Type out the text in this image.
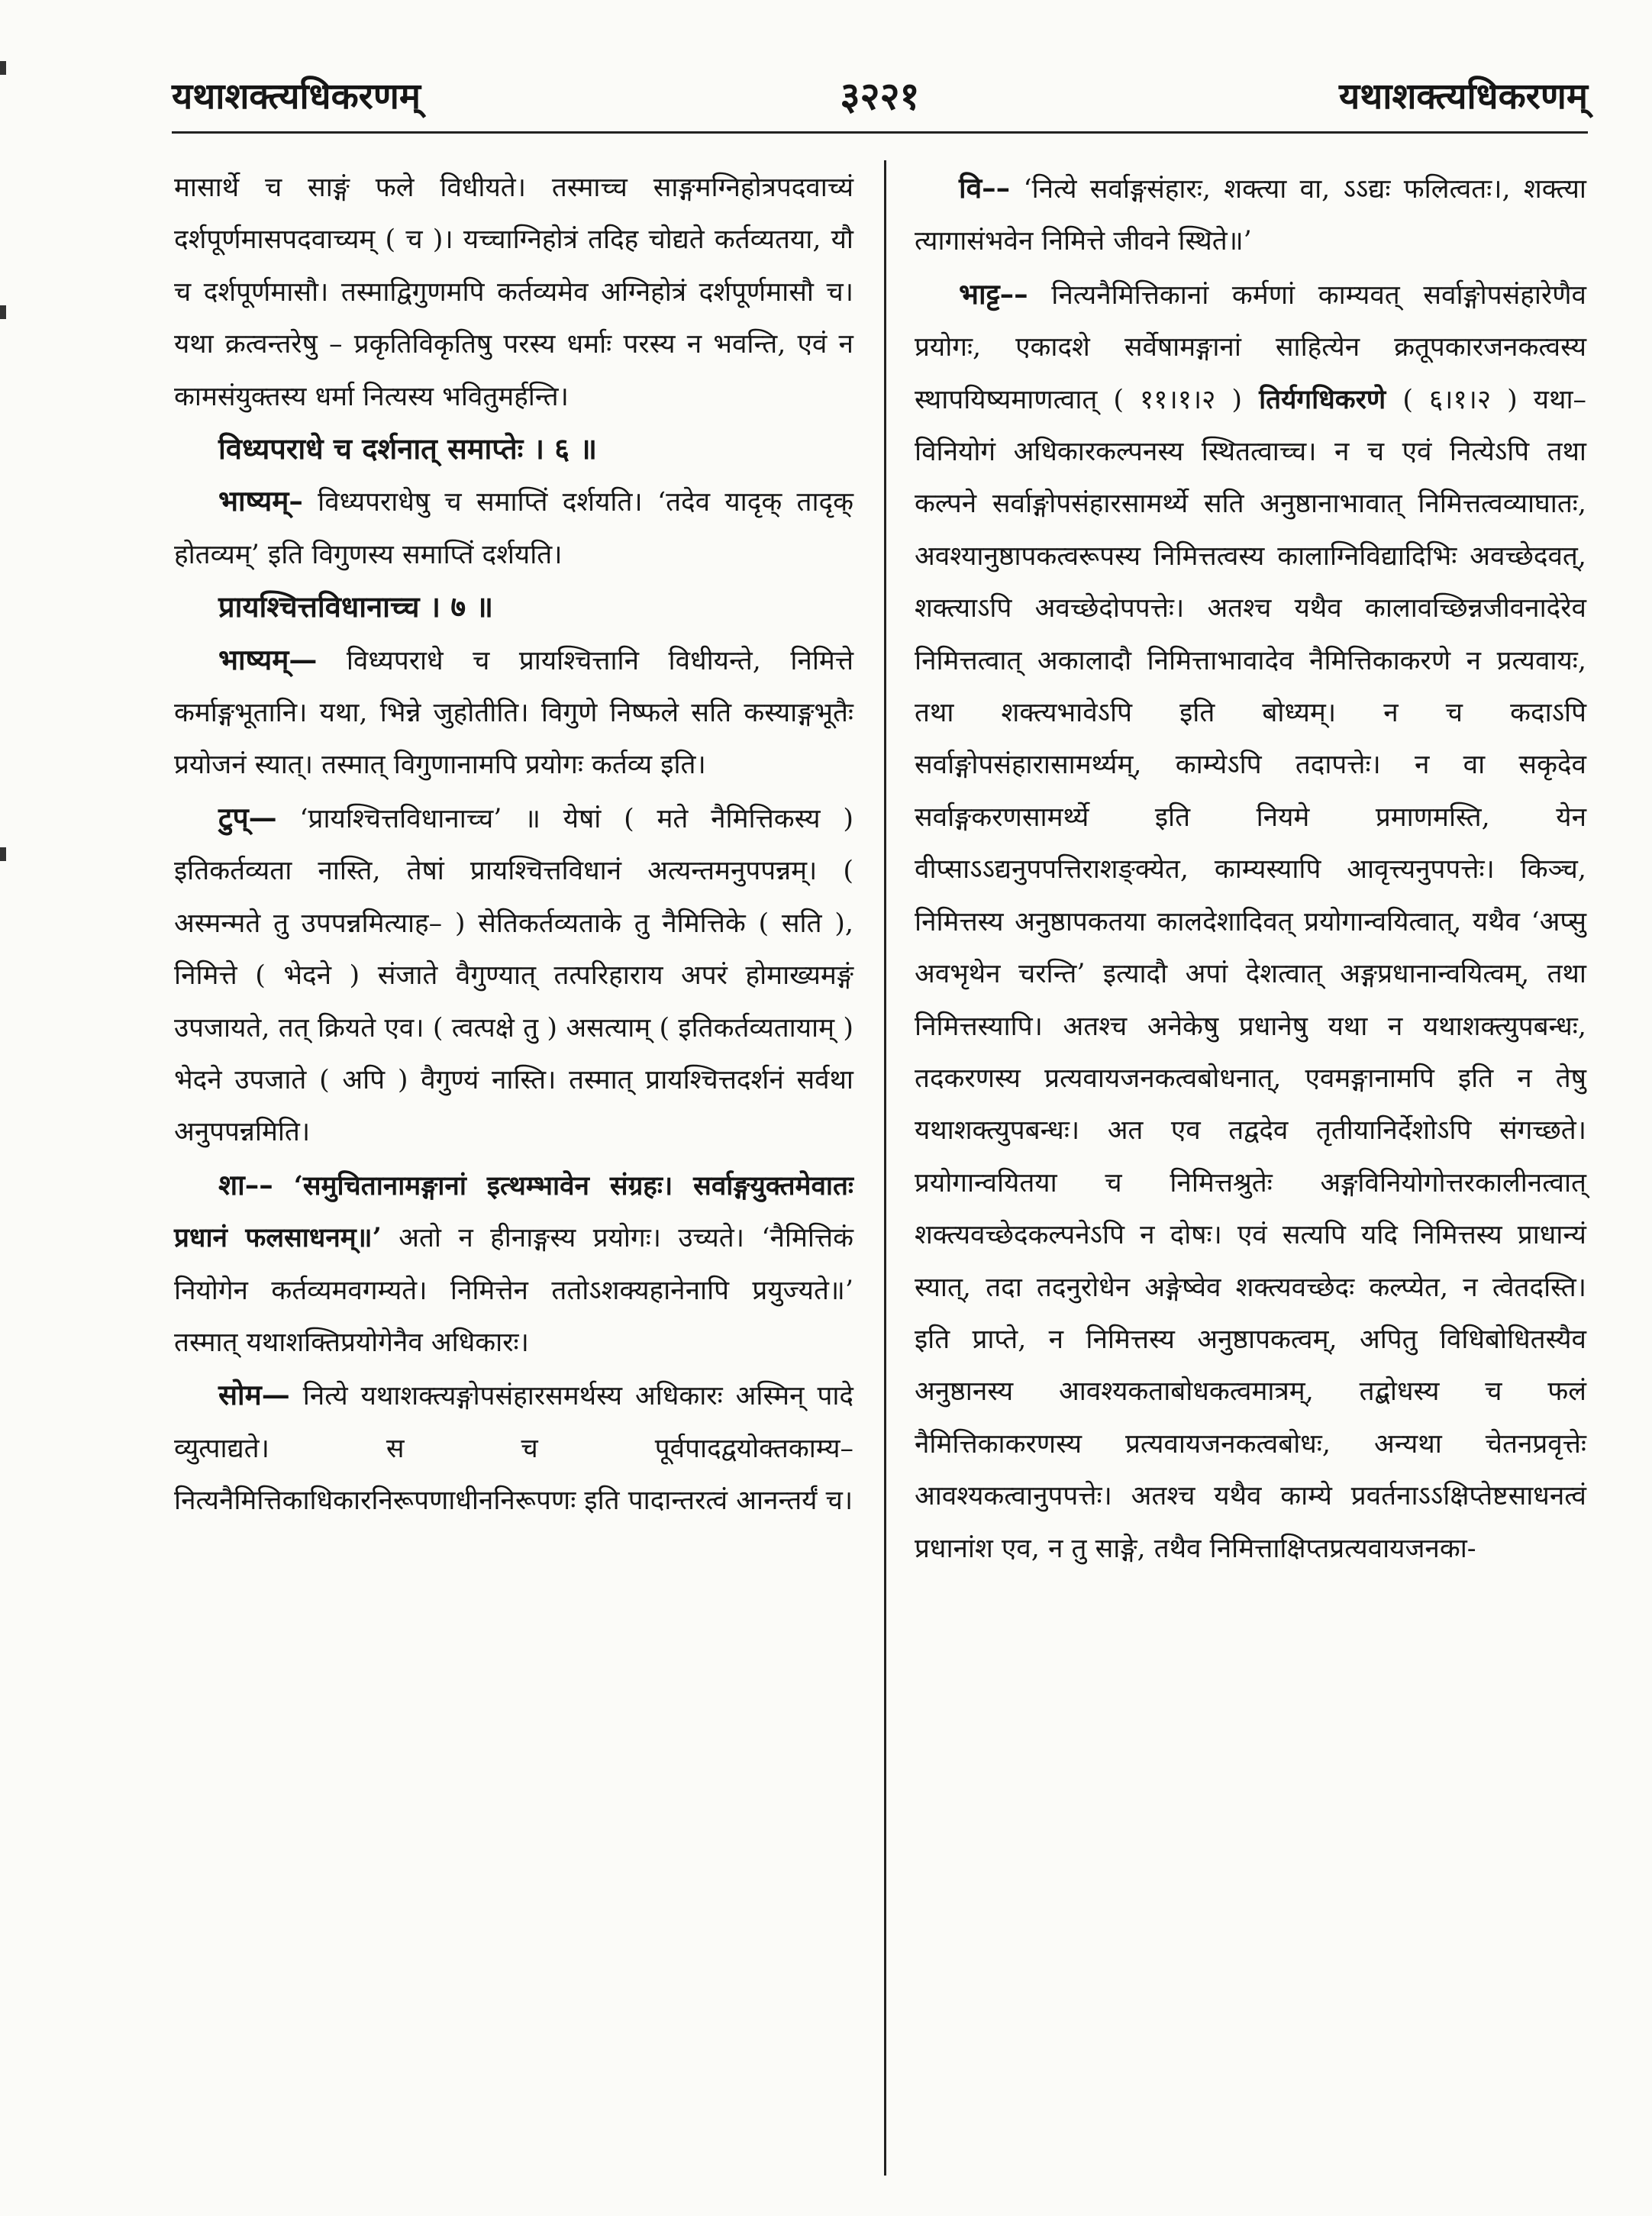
यथाशक्त्यधिकरणम्	३२२१	यथाशक्त्यधिकरणम्

मासार्थे च साङ्गं फले विधीयते। तस्माच्च साङ्गमग्निहोत्रपदवाच्यं दर्शपूर्णमासपदवाच्यम् ( च )। यच्चाग्निहोत्रं तदिह चोद्यते कर्तव्यतया, यौ च दर्शपूर्णमासौ। तस्माद्विगुणमपि कर्तव्यमेव अग्निहोत्रं दर्शपूर्णमासौ च। यथा क्रत्वन्तरेषु – प्रकृतिविकृतिषु परस्य धर्माः परस्य न भवन्ति, एवं न कामसंयुक्तस्य धर्मा नित्यस्य भवितुमर्हन्ति।

विध्यपराधे च दर्शनात् समाप्तेः । ६ ॥

भाष्यम्– विध्यपराधेषु च समाप्तिं दर्शयति। ‘तदेव यादृक् तादृक् होतव्यम्’ इति विगुणस्य समाप्तिं दर्शयति।

प्रायश्चित्तविधानाच्च । ७ ॥

भाष्यम्— विध्यपराधे च प्रायश्चित्तानि विधीयन्ते, निमित्ते कर्माङ्गभूतानि। यथा, भिन्ने जुहोतीति। विगुणे निष्फले सति कस्याङ्गभूतैः प्रयोजनं स्यात्। तस्मात् विगुणानामपि प्रयोगः कर्तव्य इति।

टुप्— ‘प्रायश्चित्तविधानाच्च’ ॥ येषां ( मते नैमित्तिकस्य ) इतिकर्तव्यता नास्ति, तेषां प्रायश्चित्तविधानं अत्यन्तमनुपपन्नम्। ( अस्मन्मते तु उपपन्नमित्याह– ) सेतिकर्तव्यताके तु नैमित्तिके ( सति ), निमित्ते ( भेदने ) संजाते वैगुण्यात् तत्परिहाराय अपरं होमाख्यमङ्गं उपजायते, तत् क्रियते एव। ( त्वत्पक्षे तु ) असत्याम् ( इतिकर्तव्यतायाम् ) भेदने उपजाते ( अपि ) वैगुण्यं नास्ति। तस्मात् प्रायश्चित्तदर्शनं सर्वथा अनुपपन्नमिति।

शा–– ‘समुचितानामङ्गानां इत्थम्भावेन संग्रहः। सर्वाङ्गयुक्तमेवातः प्रधानं फलसाधनम्॥’ अतो न हीनाङ्गस्य प्रयोगः। उच्यते। ‘नैमित्तिकं नियोगेन कर्तव्यमवगम्यते। निमित्तेन ततोऽशक्यहानेनापि प्रयुज्यते॥’ तस्मात् यथाशक्तिप्रयोगेनैव अधिकारः।

सोम— नित्ये यथाशक्त्यङ्गोपसंहारसमर्थस्य अधिकारः अस्मिन् पादे व्युत्पाद्यते। स च पूर्वपादद्वयोक्तकाम्य– नित्यनैमित्तिकाधिकारनिरूपणाधीननिरूपणः इति पादान्तरत्वं आनन्तर्यं च।

वि–– ‘नित्ये सर्वाङ्गसंहारः, शक्त्या वा, ऽऽद्यः फलित्वतः।, शक्त्या त्यागासंभवेन निमित्ते जीवने स्थिते॥’

भाट्ट–– नित्यनैमित्तिकानां कर्मणां काम्यवत् सर्वाङ्गोपसंहारेणैव प्रयोगः, एकादशे सर्वेषामङ्गानां साहित्येन क्रतूपकारजनकत्वस्य स्थापयिष्यमाणत्वात् ( ११।१।२ ) तिर्यगधिकरणे ( ६।१।२ ) यथा– विनियोगं अधिकारकल्पनस्य स्थितत्वाच्च। न च एवं नित्येऽपि तथा कल्पने सर्वाङ्गोपसंहारसामर्थ्ये सति अनुष्ठानाभावात् निमित्तत्वव्याघातः, अवश्यानुष्ठापकत्वरूपस्य निमित्तत्वस्य कालाग्निविद्यादिभिः अवच्छेदवत्, शक्त्याऽपि अवच्छेदोपपत्तेः। अतश्च यथैव कालावच्छिन्नजीवनादेरेव निमित्तत्वात् अकालादौ निमित्ताभावादेव नैमित्तिकाकरणे न प्रत्यवायः, तथा शक्त्यभावेऽपि इति बोध्यम्। न च कदाऽपि सर्वाङ्गोपसंहारासामर्थ्यम्, काम्येऽपि तदापत्तेः। न वा सकृदेव सर्वाङ्गकरणसामर्थ्ये इति नियमे प्रमाणमस्ति, येन वीप्साऽऽद्यनुपपत्तिराशङ्क्येत, काम्यस्यापि आवृत्त्यनुपपत्तेः। किञ्च, निमित्तस्य अनुष्ठापकतया कालदेशादिवत् प्रयोगान्वयित्वात्, यथैव ‘अप्सु अवभृथेन चरन्ति’ इत्यादौ अपां देशत्वात् अङ्गप्रधानान्वयित्वम्, तथा निमित्तस्यापि। अतश्च अनेकेषु प्रधानेषु यथा न यथाशक्त्युपबन्धः, तदकरणस्य प्रत्यवायजनकत्वबोधनात्, एवमङ्गानामपि इति न तेषु यथाशक्त्युपबन्धः। अत एव तद्वदेव तृतीयानिर्देशोऽपि संगच्छते। प्रयोगान्वयितया च निमित्तश्रुतेः अङ्गविनियोगोत्तरकालीनत्वात् शक्त्यवच्छेदकल्पनेऽपि न दोषः। एवं सत्यपि यदि निमित्तस्य प्राधान्यं स्यात्, तदा तदनुरोधेन अङ्गेष्वेव शक्त्यवच्छेदः कल्प्येत, न त्वेतदस्ति। इति प्राप्ते, न निमित्तस्य अनुष्ठापकत्वम्, अपितु विधिबोधितस्यैव अनुष्ठानस्य आवश्यकताबोधकत्वमात्रम्, तद्बोधस्य च फलं नैमित्तिकाकरणस्य प्रत्यवायजनकत्वबोधः, अन्यथा चेतनप्रवृत्तेः आवश्यकत्वानुपपत्तेः। अतश्च यथैव काम्ये प्रवर्तनाऽऽक्षिप्तेष्टसाधनत्वं प्रधानांश एव, न तु साङ्गे, तथैव निमित्ताक्षिप्तप्रत्यवायजनका-
